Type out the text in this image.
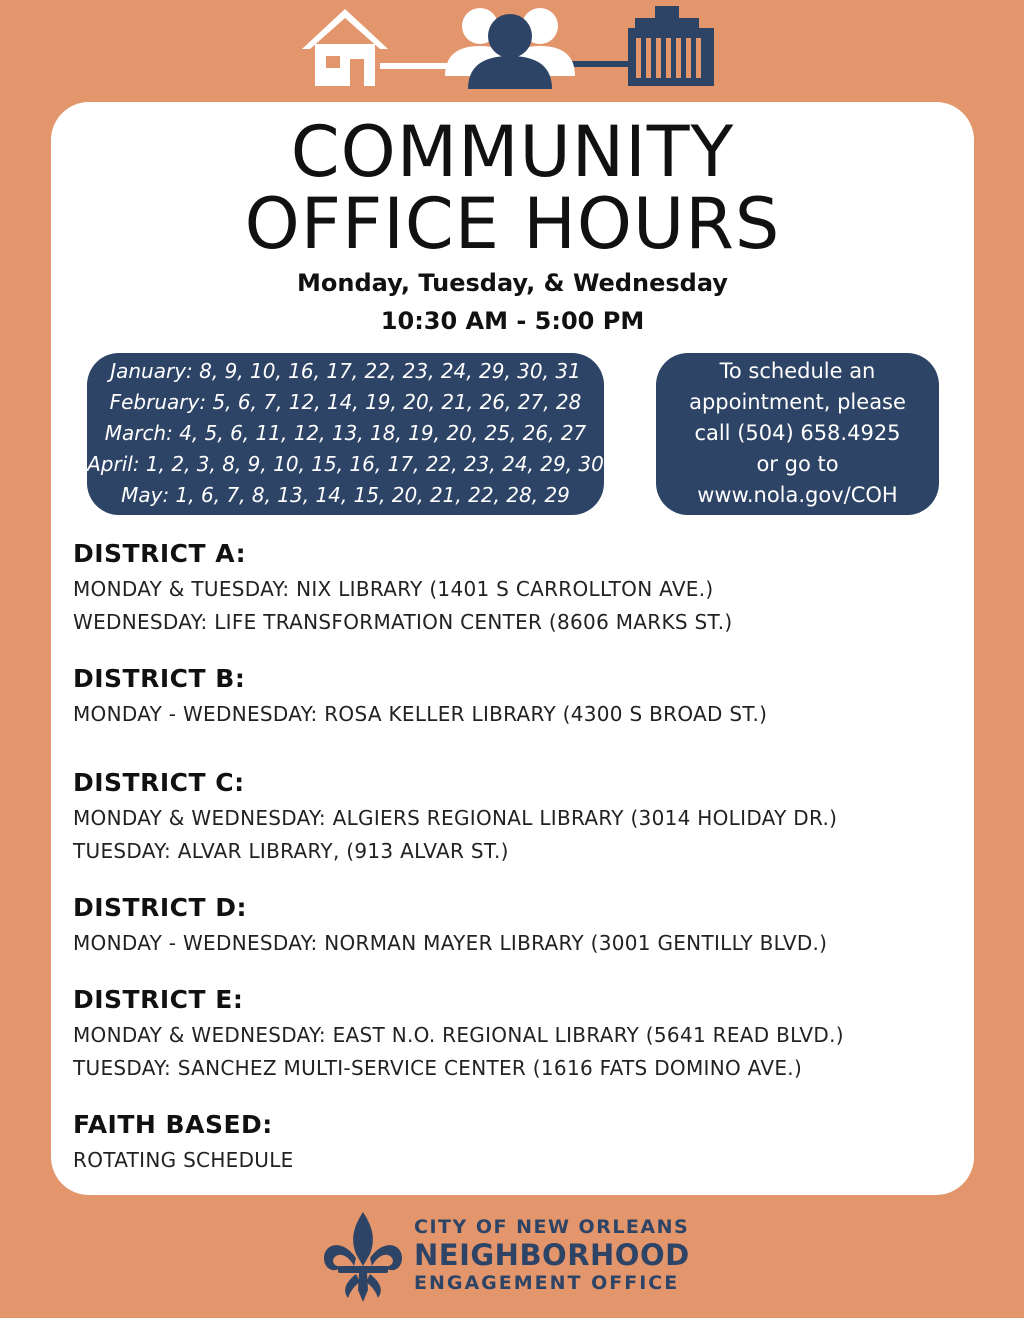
COMMUNITY
OFFICE HOURS
Monday, Tuesday, & Wednesday
10:30 AM - 5:00 PM
January: 8, 9, 10, 16, 17, 22, 23, 24, 29, 30, 31
February: 5, 6, 7, 12, 14, 19, 20, 21, 26, 27, 28
March: 4, 5, 6, 11, 12, 13, 18, 19, 20, 25, 26, 27
April: 1, 2, 3, 8, 9, 10, 15, 16, 17, 22, 23, 24, 29, 30
May: 1, 6, 7, 8, 13, 14, 15, 20, 21, 22, 28, 29
To schedule an
appointment, please
call (504) 658.4925
or go to
www.nola.gov/COH
DISTRICT A:
MONDAY & TUESDAY: NIX LIBRARY (1401 S CARROLLTON AVE.)
WEDNESDAY: LIFE TRANSFORMATION CENTER (8606 MARKS ST.)
DISTRICT B:
MONDAY - WEDNESDAY: ROSA KELLER LIBRARY (4300 S BROAD ST.)
DISTRICT C:
MONDAY & WEDNESDAY: ALGIERS REGIONAL LIBRARY (3014 HOLIDAY DR.)
TUESDAY: ALVAR LIBRARY, (913 ALVAR ST.)
DISTRICT D:
MONDAY - WEDNESDAY: NORMAN MAYER LIBRARY (3001 GENTILLY BLVD.)
DISTRICT E:
MONDAY & WEDNESDAY: EAST N.O. REGIONAL LIBRARY (5641 READ BLVD.)
TUESDAY: SANCHEZ MULTI-SERVICE CENTER (1616 FATS DOMINO AVE.)
FAITH BASED:
ROTATING SCHEDULE
CITY OF NEW ORLEANS
NEIGHBORHOOD
ENGAGEMENT OFFICE
